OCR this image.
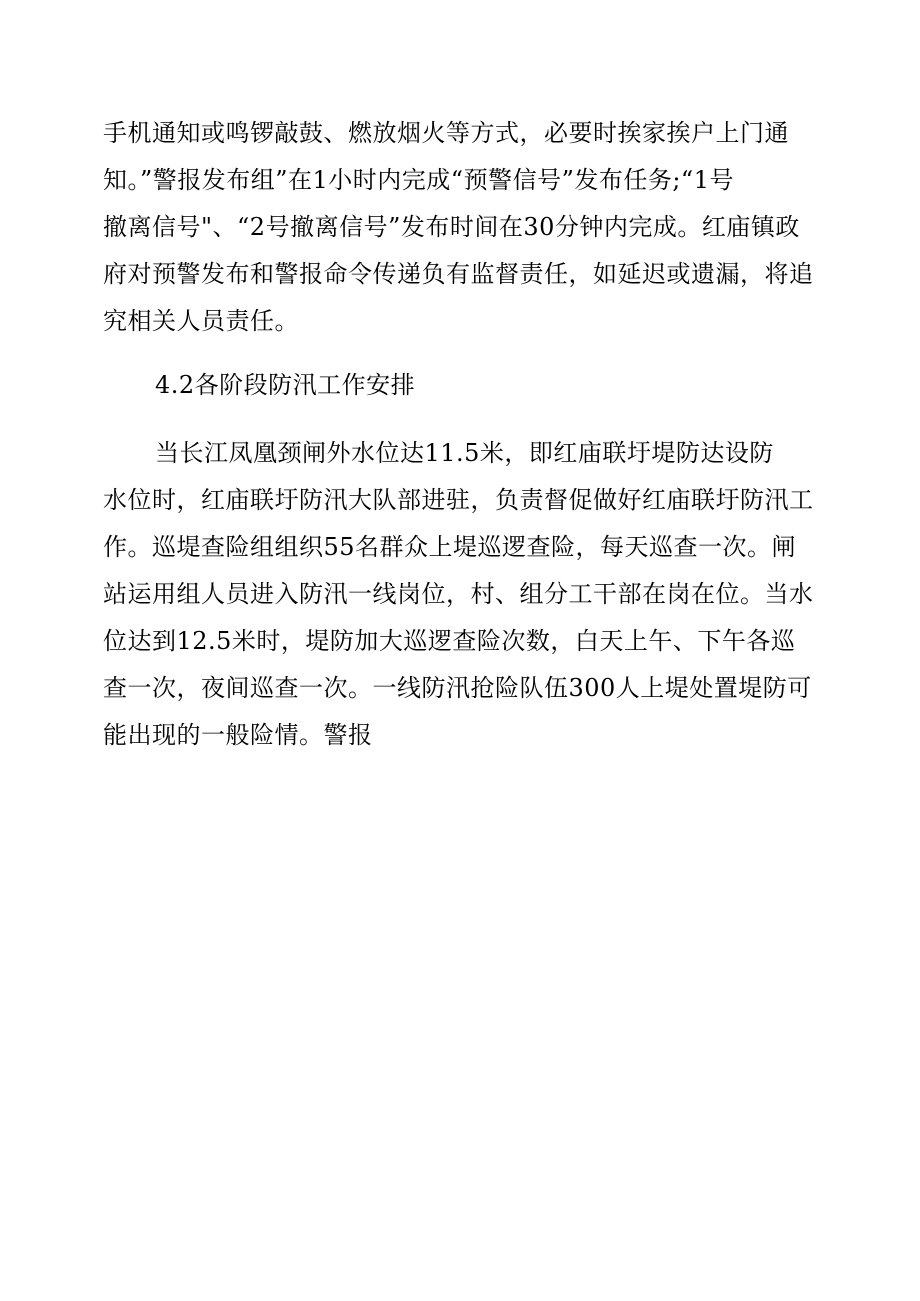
手机通知或鸣锣敲鼓、燃放烟火等方式，必要时挨家挨户上门通
知。”警报发布组”在1小时内完成“预警信号”发布任务;“1号
撤离信号"、“2号撤离信号”发布时间在30分钟内完成。红庙镇政
府对预警发布和警报命令传递负有监督责任，如延迟或遗漏，将追
究相关人员责任。
4.2各阶段防汛工作安排
当长江凤凰颈闸外水位达11.5米，即红庙联圩堤防达设防
水位时，红庙联圩防汛大队部进驻，负责督促做好红庙联圩防汛工
作。巡堤查险组组织55名群众上堤巡逻查险，每天巡查一次。闸
站运用组人员进入防汛一线岗位，村、组分工干部在岗在位。当水
位达到12.5米时，堤防加大巡逻查险次数，白天上午、下午各巡
查一次，夜间巡查一次。一线防汛抢险队伍300人上堤处置堤防可
能出现的一般险情。警报
